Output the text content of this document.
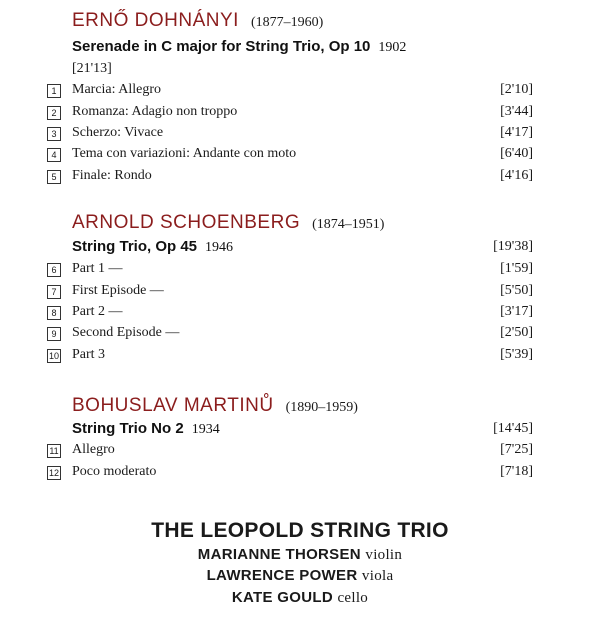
ERNŐ DOHNÁNYI (1877–1960)
Serenade in C major for String Trio, Op 10 1902
[21'13]
1	Marcia: Allegro	[2'10]
2	Romanza: Adagio non troppo	[3'44]
3	Scherzo: Vivace	[4'17]
4	Tema con variazioni: Andante con moto	[6'40]
5	Finale: Rondo	[4'16]
ARNOLD SCHOENBERG (1874–1951)
String Trio, Op 45 1946	[19'38]
6	Part 1 —	[1'59]
7	First Episode —	[5'50]
8	Part 2 —	[3'17]
9	Second Episode —	[2'50]
10 Part 3	[5'39]
BOHUSLAV MARTINŮ (1890–1959)
String Trio No 2 1934	[14'45]
11 Allegro	[7'25]
12 Poco moderato	[7'18]
THE LEOPOLD STRING TRIO
MARIANNE THORSEN violin
LAWRENCE POWER viola
KATE GOULD cello
